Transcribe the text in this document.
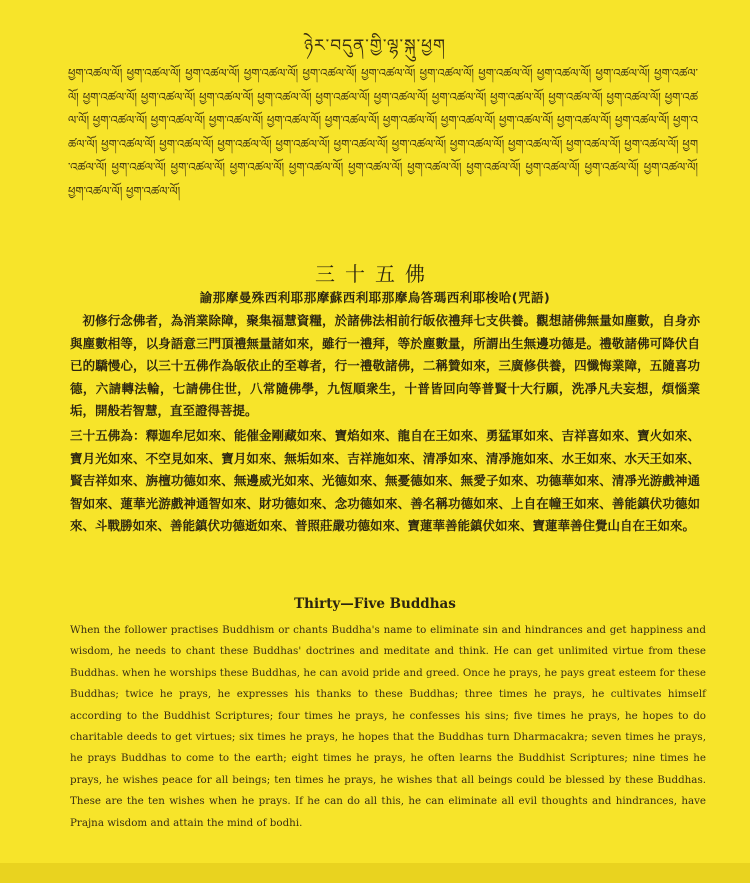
ཉེར་བདུན་གྱི་ལྷ་སྐུ་ཕྱག
ཕྱག་འཚལ་ལོ། ཕྱག་འཚལ་ལོ། ཕྱག་འཚལ་ལོ། ཕྱག་འཚལ་ལོ། ཕྱག་འཚལ་ལོ། ཕྱག་འཚལ་ལོ། ཕྱག་འཚལ་ལོ། ཕྱག་འཚལ་ལོ། ཕྱག་འཚལ་ལོ། ཕྱག་འཚལ་ལོ། ཕྱག་འཚལ་ལོ། ཕྱག་འཚལ་ལོ། ཕྱག་འཚལ་ལོ། ཕྱག་འཚལ་ལོ། ཕྱག་འཚལ་ལོ། ཕྱག་འཚལ་ལོ། ཕྱག་འཚལ་ལོ། ཕྱག་འཚལ་ལོ། ཕྱག་འཚལ་ལོ། ཕྱག་འཚལ་ལོ། ཕྱག་འཚལ་ལོ། ཕྱག་འཚལ་ལོ། ཕྱག་འཚལ་ལོ། ཕྱག་འཚལ་ལོ། ཕྱག་འཚལ་ལོ། ཕྱག་འཚལ་ལོ། ཕྱག་འཚལ་ལོ། ཕྱག་འཚལ་ལོ། ཕྱག་འཚལ་ལོ། ཕྱག་འཚལ་ལོ། ཕྱག་འཚལ་ལོ། ཕྱག་འཚལ་ལོ། ཕྱག་འཚལ་ལོ། ཕྱག་འཚལ་ལོ། ཕྱག་འཚལ་ལོ། ཕྱག་འཚལ་ལོ། ཕྱག་འཚལ་ལོ། ཕྱག་འཚལ་ལོ། ཕྱག་འཚལ་ལོ། ཕྱག་འཚལ་ལོ། ཕྱག་འཚལ་ལོ། ཕྱག་འཚལ་ལོ། ཕྱག་འཚལ་ལོ། ཕྱག་འཚལ་ལོ། ཕྱག་འཚལ་ལོ། ཕྱག་འཚལ་ལོ། ཕྱག་འཚལ་ལོ། ཕྱག་འཚལ་ལོ། ཕྱག་འཚལ་ལོ། ཕྱག་འཚལ་ལོ། ཕྱག་འཚལ་ལོ། ཕྱག་འཚལ་ལོ། ཕྱག་འཚལ་ལོ། ཕྱག་འཚལ་ལོ། ཕྱག་འཚལ་ལོ། ཕྱག་འཚལ་ལོ།
三十五佛
諭那摩曼殊西利耶那摩蘇西利耶那摩烏答瑪西利耶梭哈(咒語)

初修行念佛者，為消業除障，聚集福慧資糧，於諸佛法相前行皈依禮拜七支供養。觀想諸佛無量如塵數，自身亦與塵數相等，以身語意三門頂禮無量諸如來，雖行一禮拜，等於塵數量，所謂出生無邊功德是。禮敬諸佛可降伏自已的驕慢心，以三十五佛作為皈依止的至尊者，行一禮敬諸佛，二稱贊如來，三廣修供養，四懺悔業障，五隨喜功德，六請轉法輪，七請佛住世，八常隨佛學，九恆順衆生，十普皆回向等普賢十大行願，洗凈凡夫妄想，煩惱業垢，開般若智慧，直至證得菩提。

三十五佛為：釋迦牟尼如來、能催金剛藏如來、寶焰如來、龍自在王如來、勇猛軍如來、吉祥喜如來、寶火如來、寶月光如來、不空見如來、寶月如來、無垢如來、吉祥施如來、清凈如來、清凈施如來、水王如來、水天王如來、賢吉祥如來、旃檀功德如來、無邊威光如來、光德如來、無憂德如來、無愛子如來、功德華如來、清凈光游戲神通智如來、蓮華光游戲神通智如來、財功德如來、念功德如來、善名稱功德如來、上自在幢王如來、善能鎮伏功德如來、斗戰勝如來、善能鎮伏功德逝如來、普照莊嚴功德如來、寶蓮華善能鎮伏如來、寶蓮華善住覺山自在王如來。

Thirty—Five Buddhas

When the follower practises Buddhism or chants Buddha's name to eliminate sin and hindrances and get happiness and wisdom, he needs to chant these Buddhas' doctrines and meditate and think. He can get unlimited virtue from these Buddhas. when he worships these Buddhas, he can avoid pride and greed. Once he prays, he pays great esteem for these Buddhas; twice he prays, he expresses his thanks to these Buddhas; three times he prays, he cultivates himself according to the Buddhist Scriptures; four times he prays, he confesses his sins; five times he prays, he hopes to do charitable deeds to get virtues; six times he prays, he hopes that the Buddhas turn Dharmacakra; seven times he prays, he prays Buddhas to come to the earth; eight times he prays, he often learns the Buddhist Scriptures; nine times he prays, he wishes peace for all beings; ten times he prays, he wishes that all beings could be blessed by these Buddhas. These are the ten wishes when he prays. If he can do all this, he can eliminate all evil thoughts and hindrances, have Prajna wisdom and attain the mind of bodhi.
